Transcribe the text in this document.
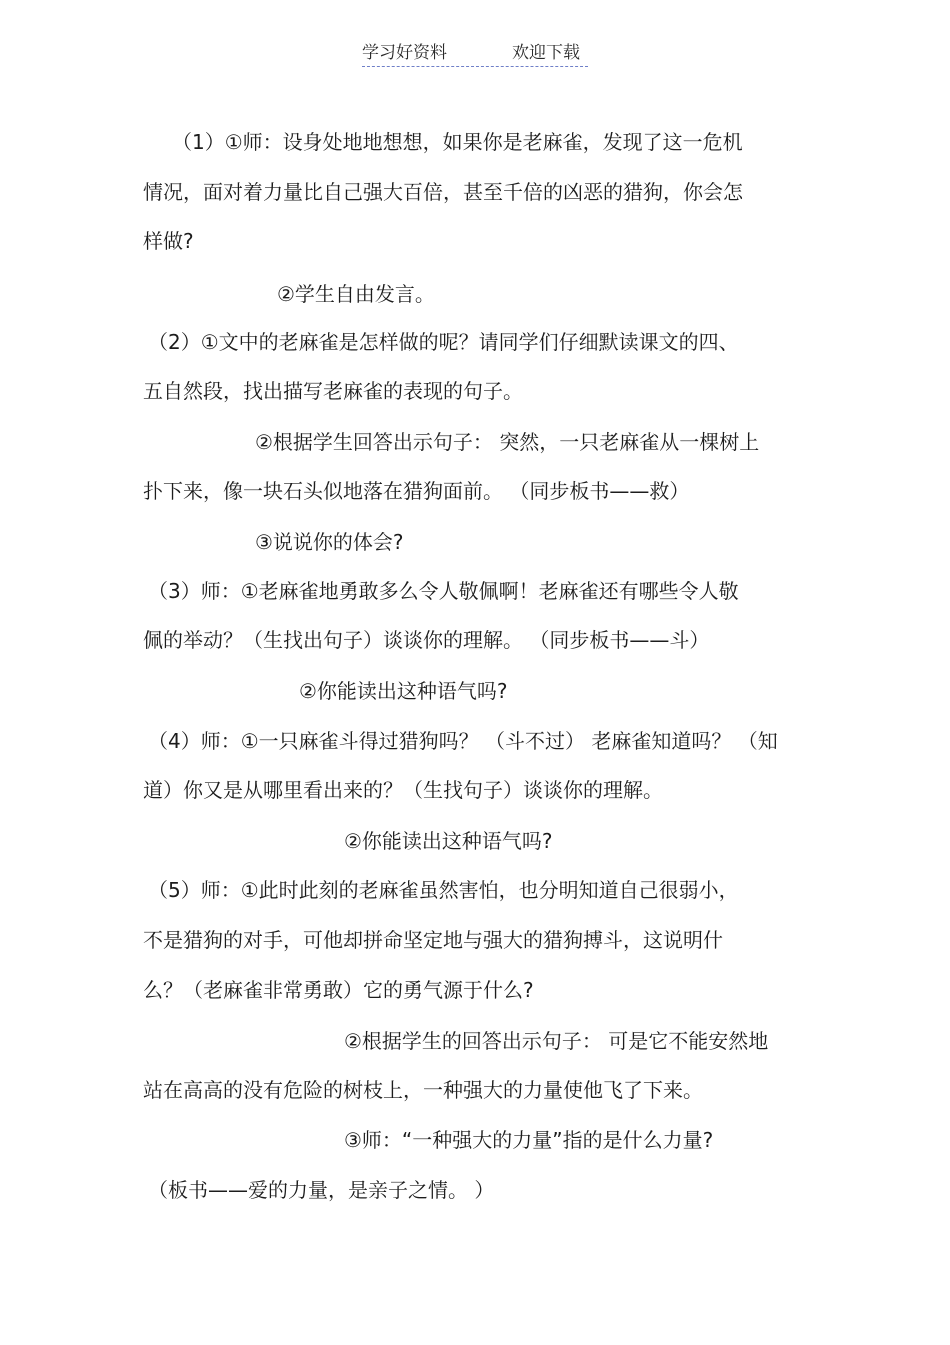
学习好资料	欢迎下载
（1）①师：设身处地地想想，如果你是老麻雀，发现了这一危机
情况，面对着力量比自己强大百倍，甚至千倍的凶恶的猎狗，你会怎
样做?
②学生自由发言。
（2）①文中的老麻雀是怎样做的呢？请同学们仔细默读课文的四、
五自然段，找出描写老麻雀的表现的句子。
②根据学生回答出示句子： 突然，一只老麻雀从一棵树上
扑下来，像一块石头似地落在猎狗面前。 （同步板书——救）
③说说你的体会?
（3）师：①老麻雀地勇敢多么令人敬佩啊！老麻雀还有哪些令人敬
佩的举动？（生找出句子）谈谈你的理解。 （同步板书——斗）
②你能读出这种语气吗?
（4）师：①一只麻雀斗得过猎狗吗？ （斗不过） 老麻雀知道吗？ （知
道）你又是从哪里看出来的？（生找句子）谈谈你的理解。
②你能读出这种语气吗?
（5）师：①此时此刻的老麻雀虽然害怕，也分明知道自己很弱小，
不是猎狗的对手，可他却拼命坚定地与强大的猎狗搏斗，这说明什
么？（老麻雀非常勇敢）它的勇气源于什么?
②根据学生的回答出示句子： 可是它不能安然地
站在高高的没有危险的树枝上，一种强大的力量使他飞了下来。
③师：“一种强大的力量”指的是什么力量?
（板书——爱的力量，是亲子之情。 ）
